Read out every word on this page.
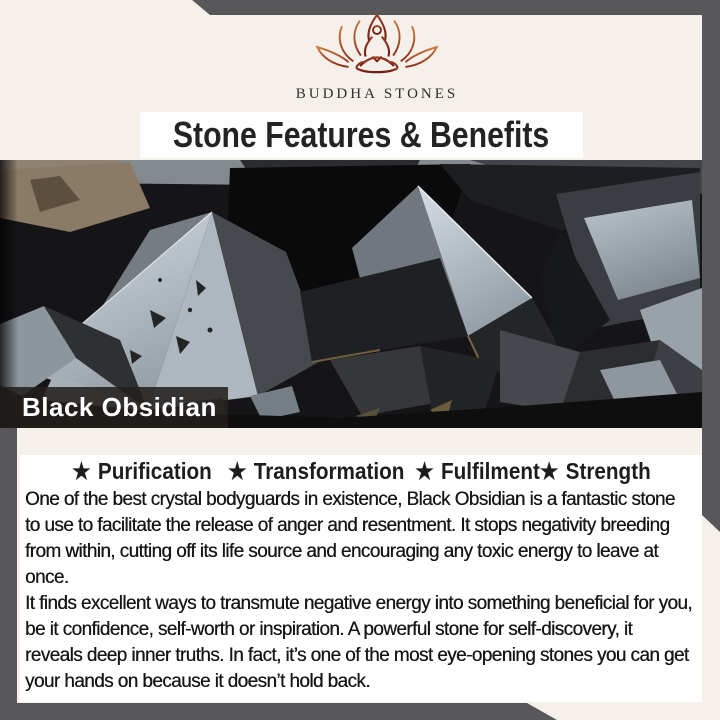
BUDDHA STONES
Stone Features & Benefits
Black Obsidian
★ Purification ★ Transformation ★ Fulfilment★ Strength

One of the best crystal bodyguards in existence, Black Obsidian is a fantastic stone to use to facilitate the release of anger and resentment. It stops negativity breeding from within, cutting off its life source and encouraging any toxic energy to leave at once.

It finds excellent ways to transmute negative energy into something beneficial for you, be it confidence, self-worth or inspiration. A powerful stone for self-discovery, it reveals deep inner truths. In fact, it’s one of the most eye-opening stones you can get your hands on because it doesn’t hold back.
